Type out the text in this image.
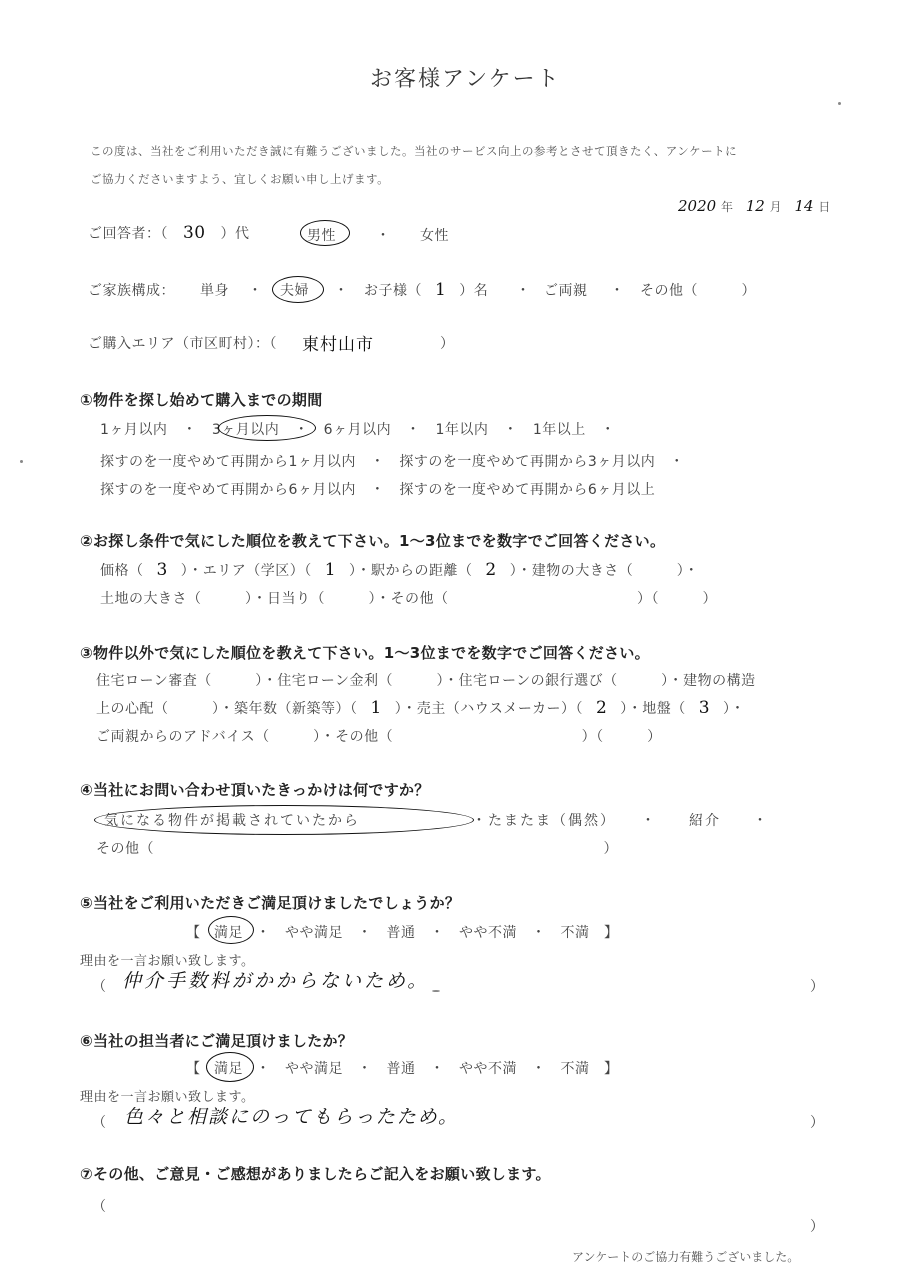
お客様アンケート
この度は、当社をご利用いただき誠に有難うございました。当社のサービス向上の参考とさせて頂きたく、アンケートに
ご協力くださいますよう、宜しくお願い申し上げます。
2020 年 12 月 14 日
ご回答者：（ 30 ）代	男性	・ 女性
ご家族構成： 単身 ・ 夫婦 ・ お子様（ 1 ）名 ・ ご両親 ・ その他（　　　）
ご購入エリア（市区町村）：（ 東村山市	）
①物件を探し始めて購入までの期間
1ヶ月以内 ・ 3ヶ月以内 ・ 6ヶ月以内 ・ 1年以内 ・ 1年以上 ・
探すのを一度やめて再開から1ヶ月以内　・　探すのを一度やめて再開から3ヶ月以内　・
探すのを一度やめて再開から6ヶ月以内　・　探すのを一度やめて再開から6ヶ月以上
②お探し条件で気にした順位を教えて下さい。1～3位までを数字でご回答ください。
価格（ 3 ）・エリア（学区）（ 1 ）・駅からの距離（ 2 ）・建物の大きさ（　　　）・
土地の大きさ（　　　）・日当り（　　　）・その他（　　　　　　　　　　　　　）（　　　）
③物件以外で気にした順位を教えて下さい。1～3位までを数字でご回答ください。
住宅ローン審査（　　　）・住宅ローン金利（　　　）・住宅ローンの銀行選び（　　　）・建物の構造
上の心配（　　　）・築年数（新築等）（ 1 ）・売主（ハウスメーカー）（ 2 ）・地盤（ 3 ）・
ご両親からのアドバイス（　　　）・その他（　　　　　　　　　　　　　）（　　　）
④当社にお問い合わせ頂いたきっかけは何ですか？
気になる物件が掲載されていたから	・たまたま（偶然）　　・　　紹介　　・
その他（　　　　　　　　　　　　　　　　　　　　　　　　　　　　　　　）
⑤当社をご利用いただきご満足頂けましたでしょうか？
【 満足 ・　やや満足　・　普通　・　やや不満　・　不満　】
理由を一言お願い致します。
（ 仲介手数料がかからないため。	）
⑥当社の担当者にご満足頂けましたか？
【 満足 ・　やや満足　・　普通　・　やや不満　・　不満　】
理由を一言お願い致します。
（ 色々と相談にのってもらったため。	）
⑦その他、ご意見・ご感想がありましたらご記入をお願い致します。
（
）
アンケートのご協力有難うございました。
